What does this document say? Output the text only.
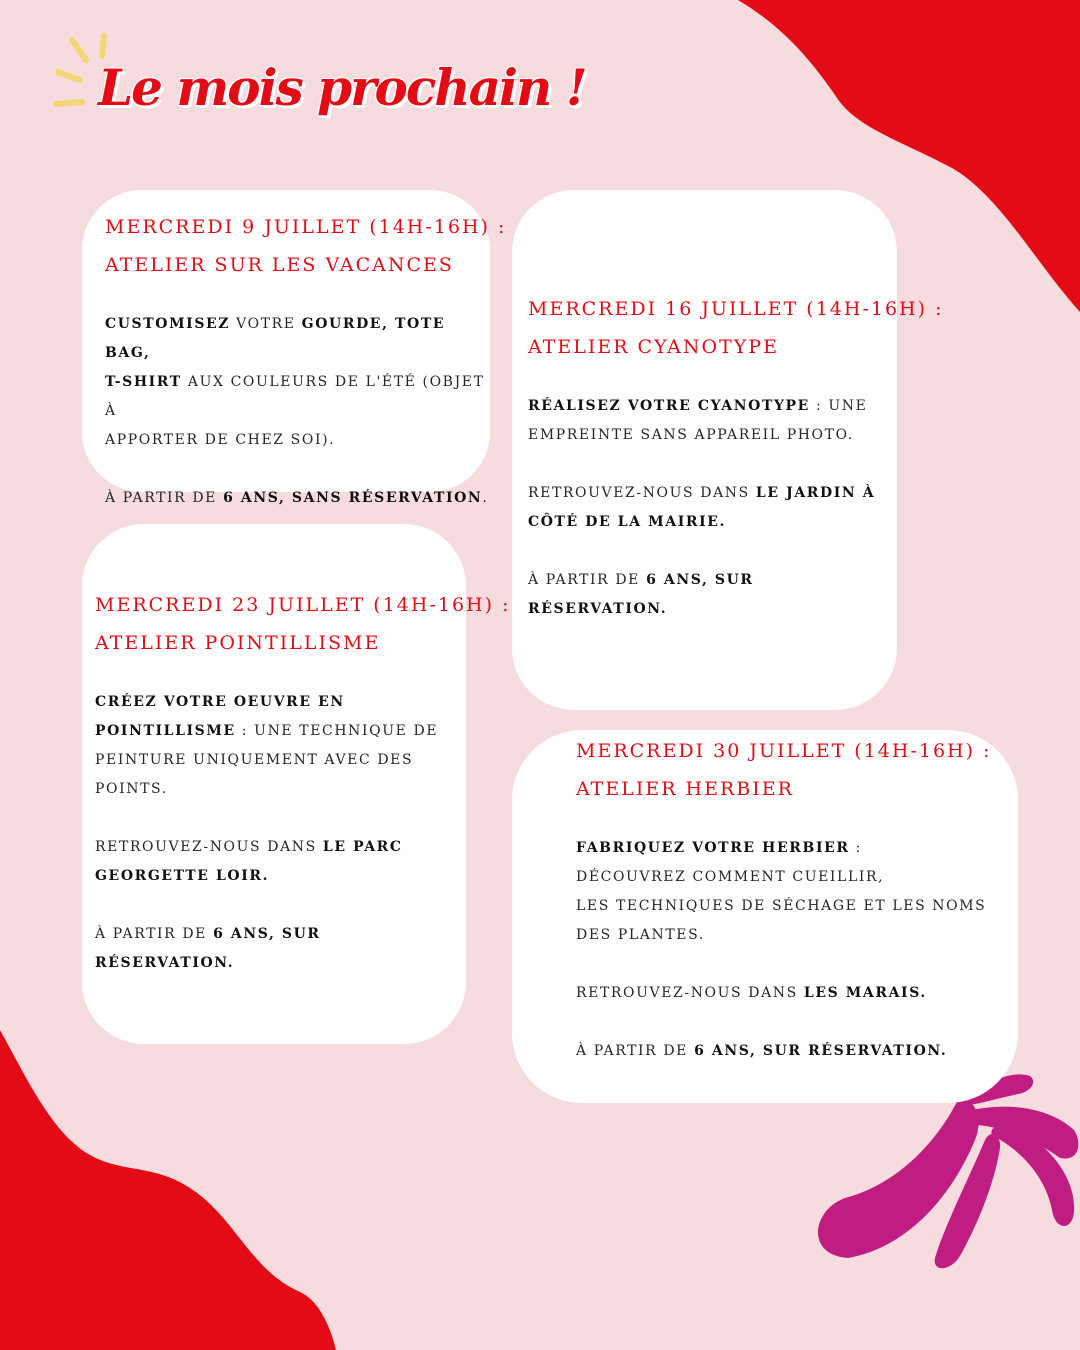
Le mois prochain !
MERCREDI 9 JUILLET (14H-16H) :
ATELIER SUR LES VACANCES

CUSTOMISEZ VOTRE GOURDE, TOTE BAG,

T-SHIRT AUX COULEURS DE L'ÉTÉ (OBJET À

APPORTER DE CHEZ SOI).

À PARTIR DE 6 ANS, SANS RÉSERVATION.

MERCREDI 16 JUILLET (14H-16H) :
ATELIER CYANOTYPE

RÉALISEZ VOTRE CYANOTYPE : UNE

EMPREINTE SANS APPAREIL PHOTO.

RETROUVEZ-NOUS DANS LE JARDIN À

CÔTÉ DE LA MAIRIE.

À PARTIR DE 6 ANS, SUR RÉSERVATION.

MERCREDI 23 JUILLET (14H-16H) :
ATELIER POINTILLISME

CRÉEZ VOTRE OEUVRE EN

POINTILLISME : UNE TECHNIQUE DE

PEINTURE UNIQUEMENT AVEC DES

POINTS.

RETROUVEZ-NOUS DANS LE PARC

GEORGETTE LOIR.

À PARTIR DE 6 ANS, SUR RÉSERVATION.

MERCREDI 30 JUILLET (14H-16H) :
ATELIER HERBIER

FABRIQUEZ VOTRE HERBIER :

DÉCOUVREZ COMMENT CUEILLIR,

LES TECHNIQUES DE SÉCHAGE ET LES NOMS

DES PLANTES.

RETROUVEZ-NOUS DANS LES MARAIS.

À PARTIR DE 6 ANS, SUR RÉSERVATION.
